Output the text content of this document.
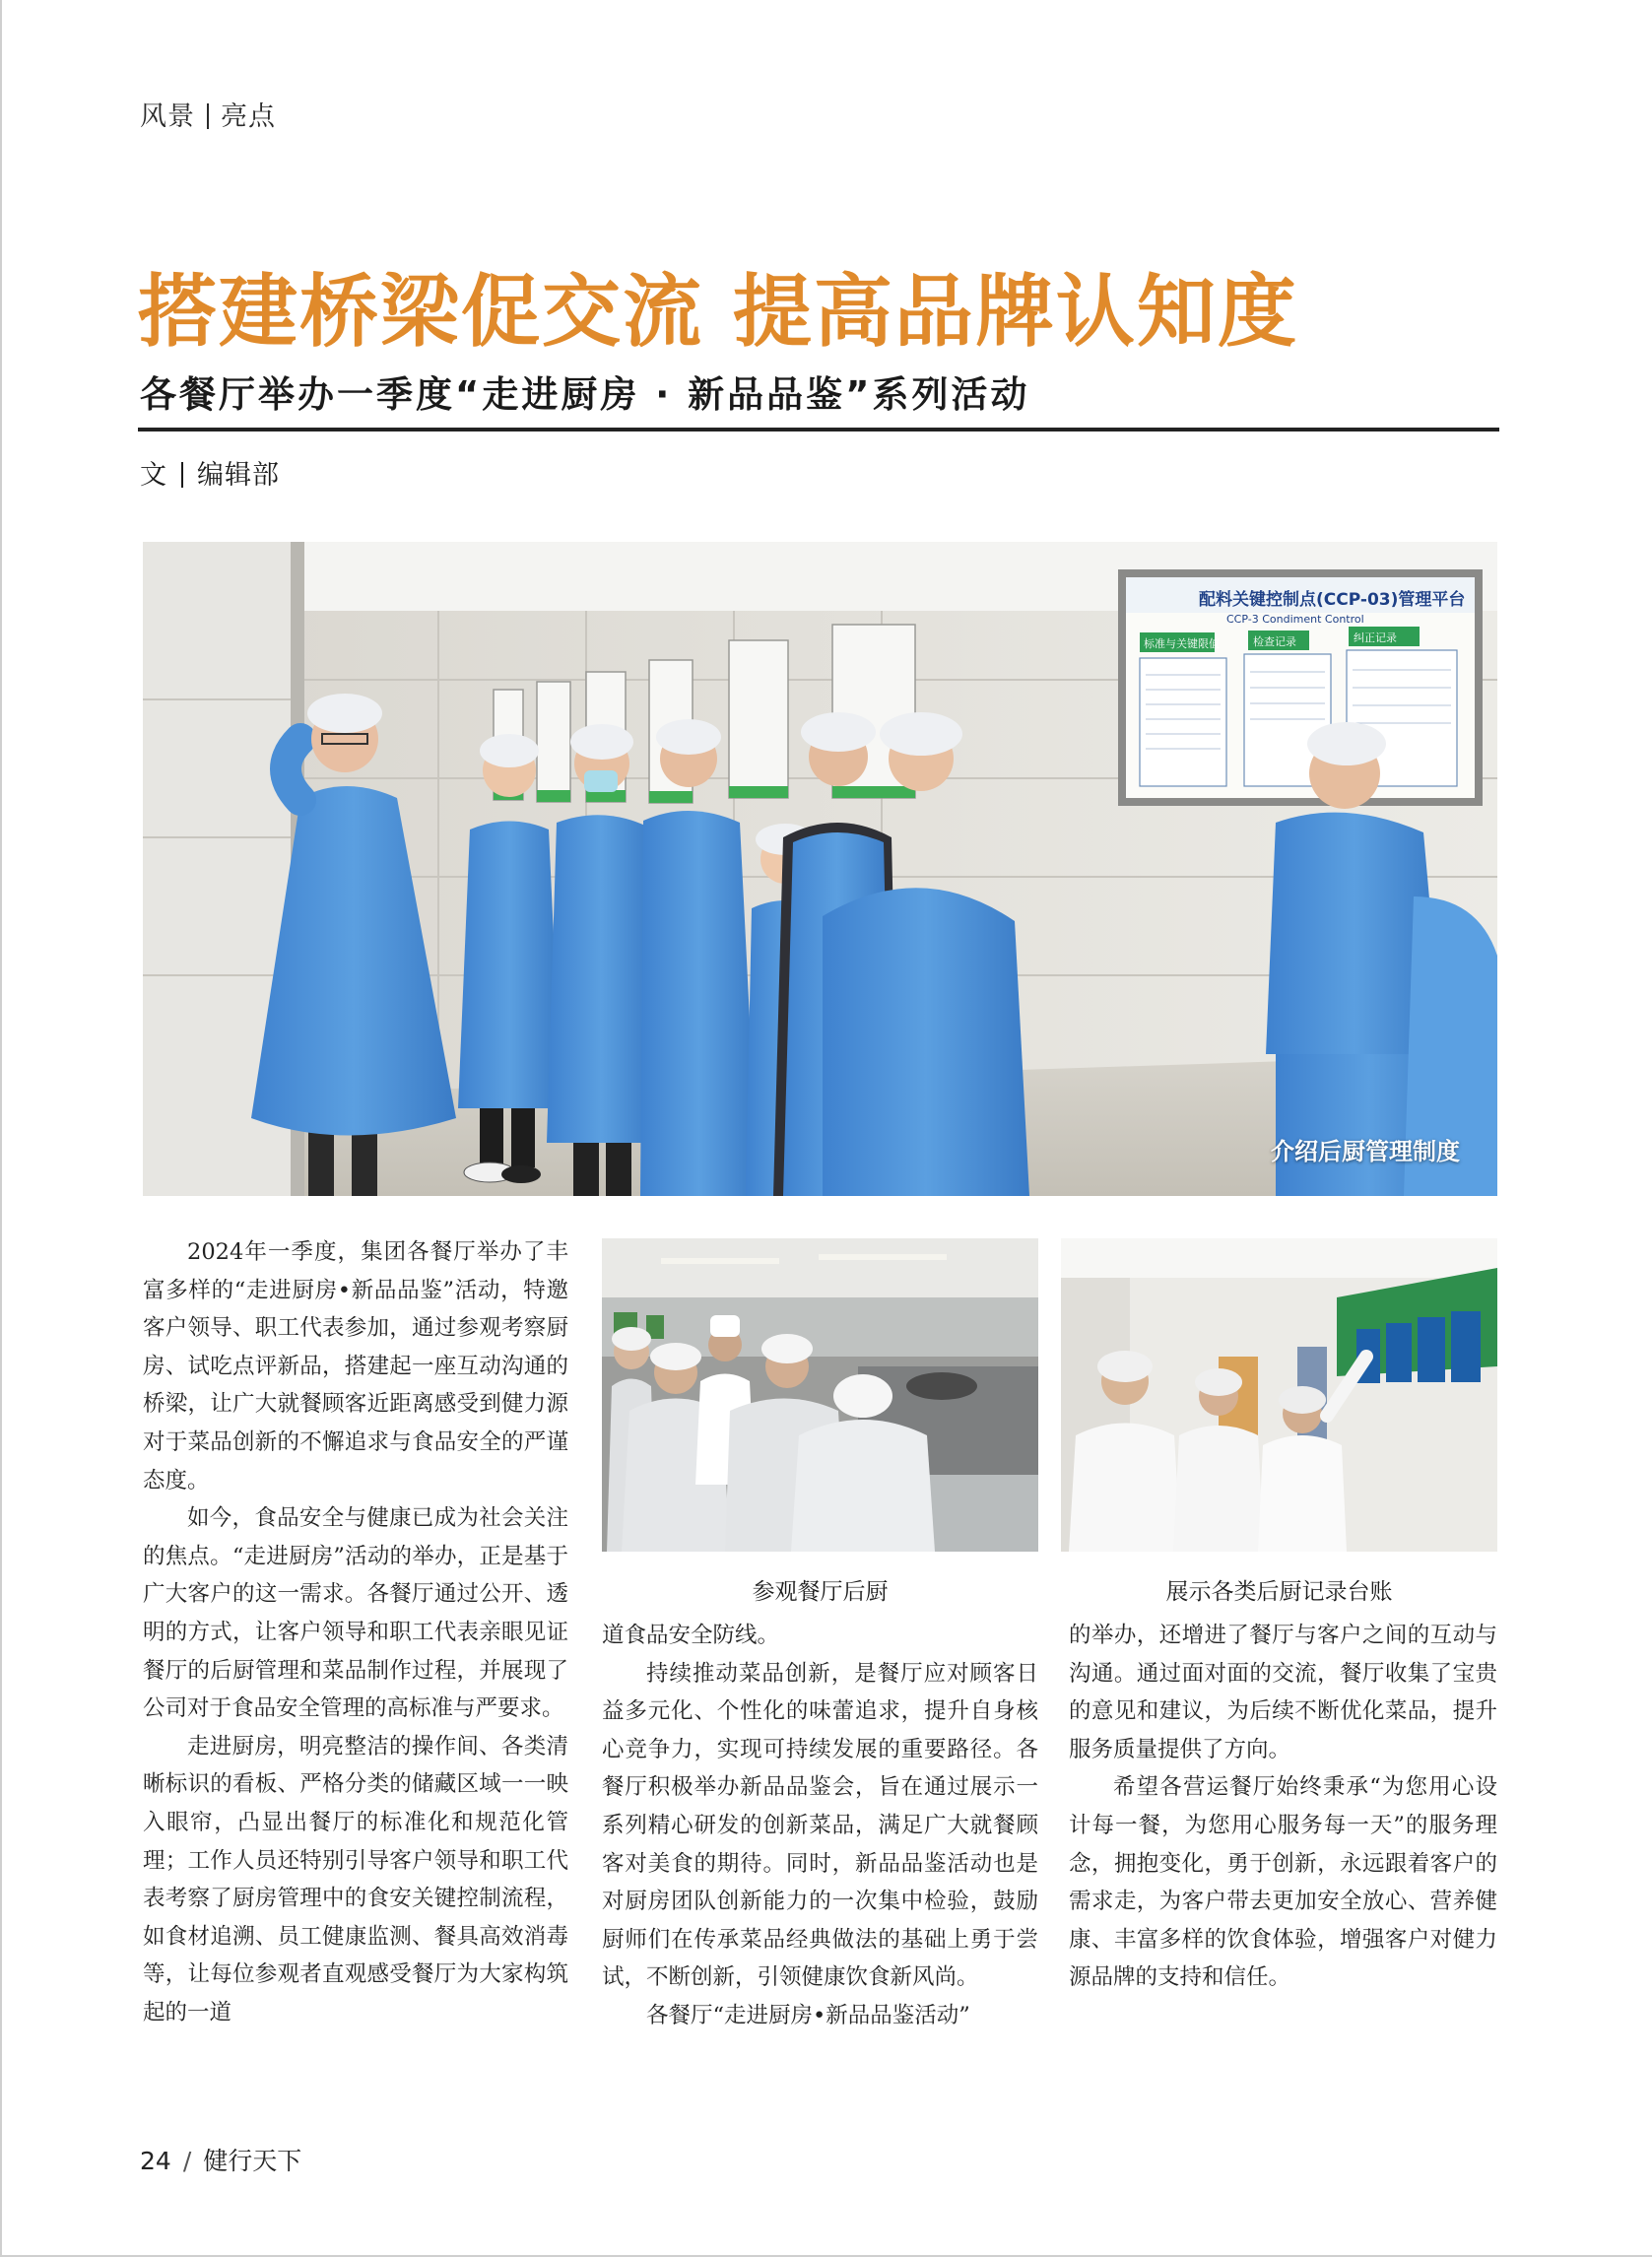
风景 亮点
搭建桥梁促交流 提高品牌认知度
各餐厅举办一季度“走进厨房 · 新品品鉴”系列活动
文 编辑部
配料关键控制点(CCP-03)管理平台
CCP-3 Condiment Control
标准与关键限值	检查记录	纠正记录
介绍后厨管理制度

2024年一季度，集团各餐厅举办了丰富多样的“走进厨房•新品品鉴”活动，特邀客户领导、职工代表参加，通过参观考察厨房、试吃点评新品，搭建起一座互动沟通的桥梁，让广大就餐顾客近距离感受到健力源对于菜品创新的不懈追求与食品安全的严谨态度。

如今，食品安全与健康已成为社会关注的焦点。“走进厨房”活动的举办，正是基于广大客户的这一需求。各餐厅通过公开、透明的方式，让客户领导和职工代表亲眼见证餐厅的后厨管理和菜品制作过程，并展现了公司对于食品安全管理的高标准与严要求。

走进厨房，明亮整洁的操作间、各类清晰标识的看板、严格分类的储藏区域一一映入眼帘，凸显出餐厅的标准化和规范化管理；工作人员还特别引导客户领导和职工代表考察了厨房管理中的食安关键控制流程，如食材追溯、员工健康监测、餐具高效消毒等，让每位参观者直观感受餐厅为大家构筑起的一道

参观餐厅后厨	展示各类后厨记录台账

道食品安全防线。

持续推动菜品创新，是餐厅应对顾客日益多元化、个性化的味蕾追求，提升自身核心竞争力，实现可持续发展的重要路径。各餐厅积极举办新品品鉴会，旨在通过展示一系列精心研发的创新菜品，满足广大就餐顾客对美食的期待。同时，新品品鉴活动也是对厨房团队创新能力的一次集中检验，鼓励厨师们在传承菜品经典做法的基础上勇于尝试，不断创新，引领健康饮食新风尚。

各餐厅“走进厨房•新品品鉴活动”

的举办，还增进了餐厅与客户之间的互动与沟通。通过面对面的交流，餐厅收集了宝贵的意见和建议，为后续不断优化菜品，提升服务质量提供了方向。

希望各营运餐厅始终秉承“为您用心设计每一餐，为您用心服务每一天”的服务理念，拥抱变化，勇于创新，永远跟着客户的需求走，为客户带去更加安全放心、营养健康、丰富多样的饮食体验，增强客户对健力源品牌的支持和信任。

24 / 健行天下
